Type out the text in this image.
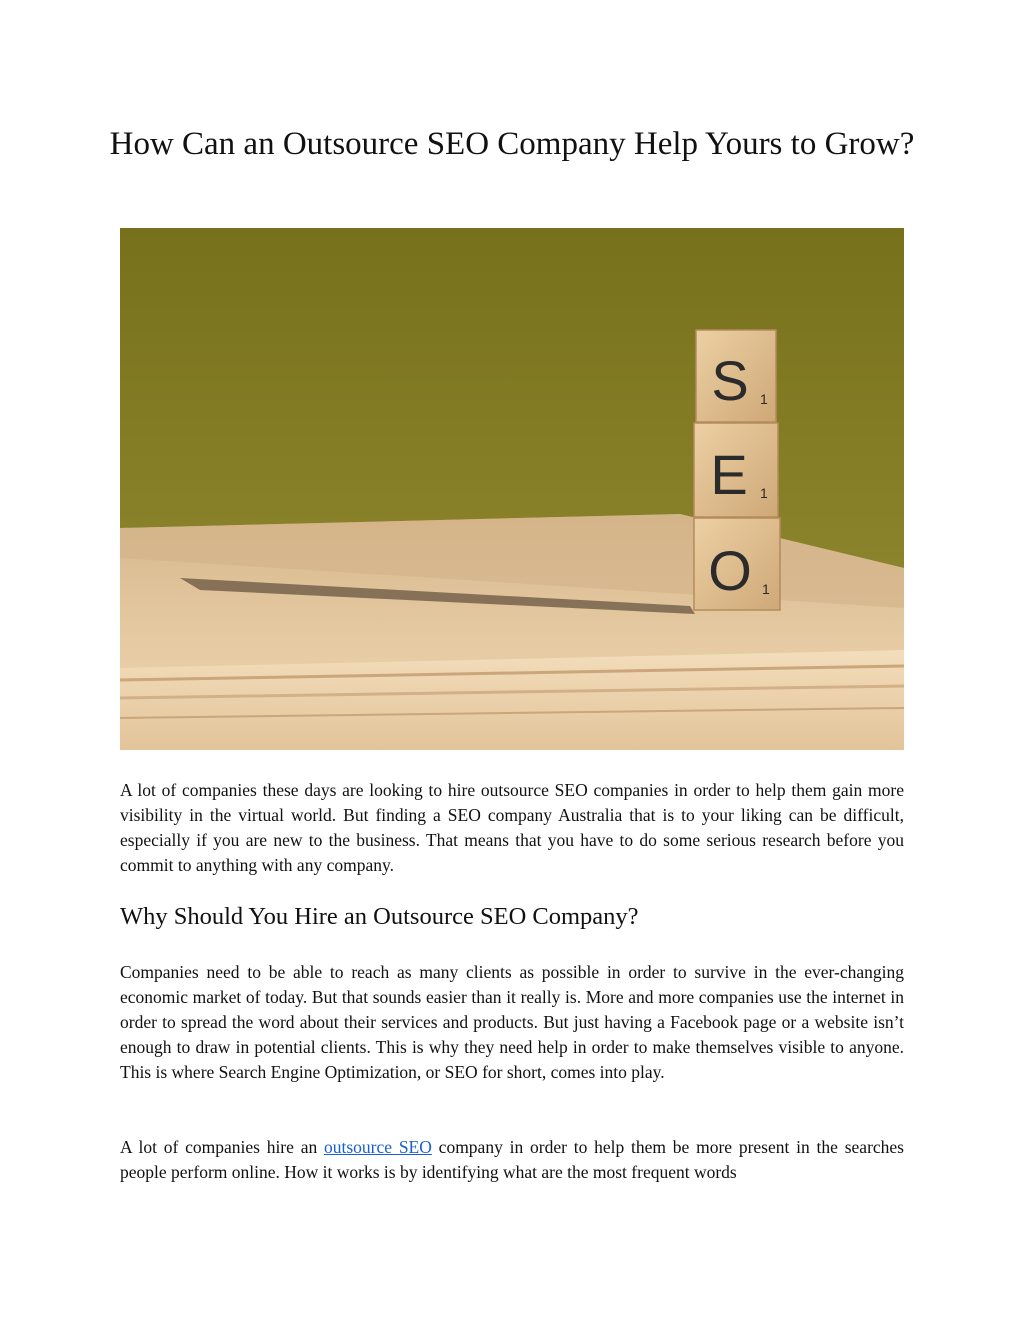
How Can an Outsource SEO Company Help Yours to Grow?
S 1
E 1
O 1

A lot of companies these days are looking to hire outsource SEO companies in order to help them gain more visibility in the virtual world. But finding a SEO company Australia that is to your liking can be difficult, especially if you are new to the business. That means that you have to do some serious research before you commit to anything with any company.

Why Should You Hire an Outsource SEO Company?

Companies need to be able to reach as many clients as possible in order to survive in the ever-changing economic market of today. But that sounds easier than it really is. More and more companies use the internet in order to spread the word about their services and products. But just having a Facebook page or a website isn’t enough to draw in potential clients. This is why they need help in order to make themselves visible to anyone. This is where Search Engine Optimization, or SEO for short, comes into play.

A lot of companies hire an outsource SEO company in order to help them be more present in the searches people perform online. How it works is by identifying what are the most frequent words
